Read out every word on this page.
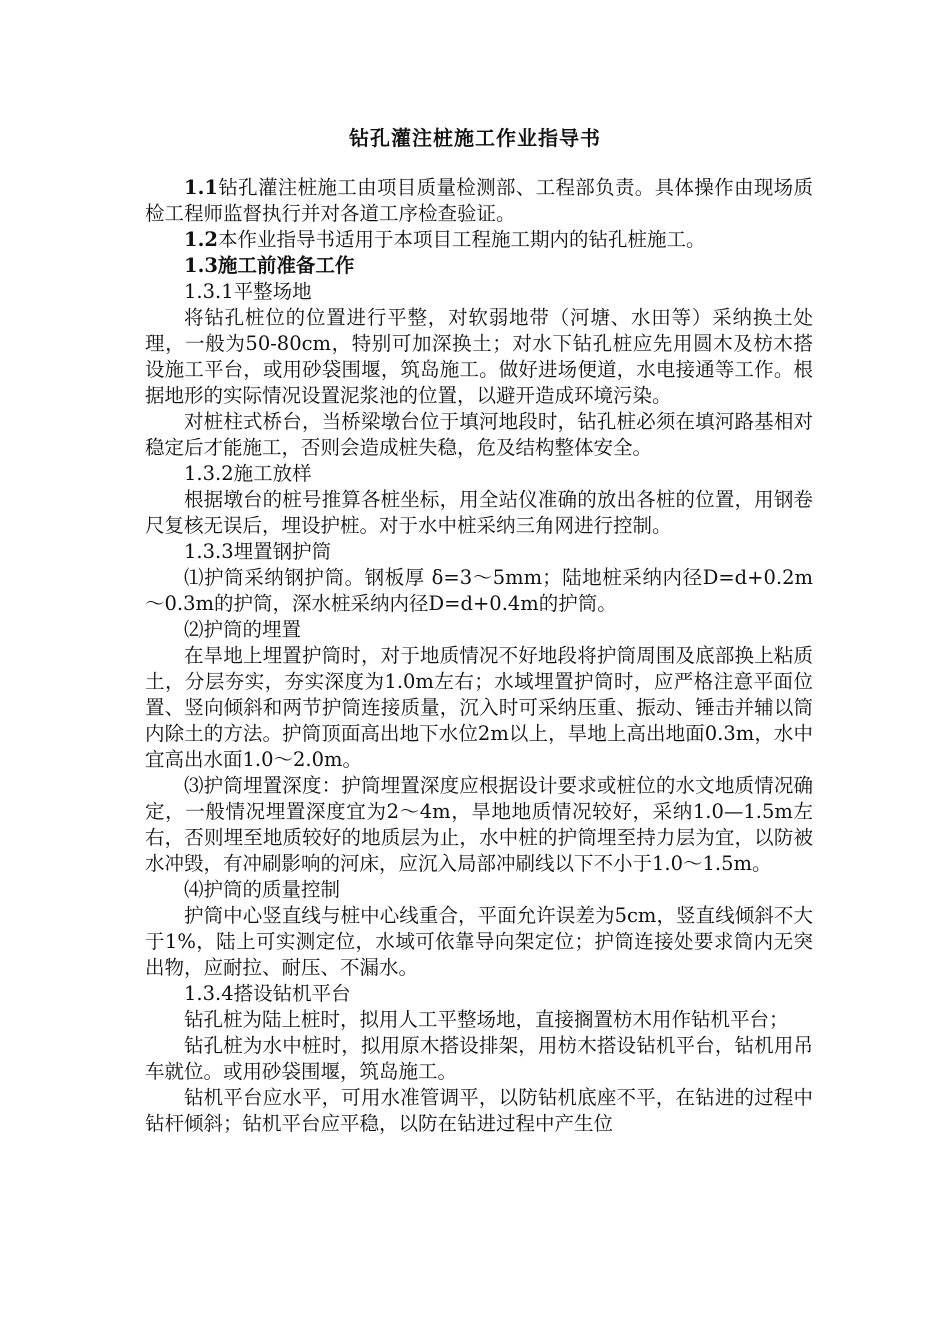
钻孔灌注桩施工作业指导书

1.1钻孔灌注桩施工由项目质量检测部、工程部负责。具体操作由现场质检工程师监督执行并对各道工序检查验证。

1.2本作业指导书适用于本项目工程施工期内的钻孔桩施工。

1.3施工前准备工作

1.3.1平整场地

将钻孔桩位的位置进行平整，对软弱地带（河塘、水田等）采纳换土处理，一般为50-80cm，特别可加深换土；对水下钻孔桩应先用圆木及枋木搭设施工平台，或用砂袋围堰，筑岛施工。做好进场便道，水电接通等工作。根据地形的实际情况设置泥浆池的位置，以避开造成环境污染。

对桩柱式桥台，当桥梁墩台位于填河地段时，钻孔桩必须在填河路基相对稳定后才能施工，否则会造成桩失稳，危及结构整体安全。

1.3.2施工放样

根据墩台的桩号推算各桩坐标，用全站仪准确的放出各桩的位置，用钢卷尺复核无误后，埋设护桩。对于水中桩采纳三角网进行控制。

1.3.3埋置钢护筒

⑴护筒采纳钢护筒。钢板厚 δ=3～5mm；陆地桩采纳内径D=d+0.2m～0.3m的护筒，深水桩采纳内径D=d+0.4m的护筒。

⑵护筒的埋置

在旱地上埋置护筒时，对于地质情况不好地段将护筒周围及底部换上粘质土，分层夯实，夯实深度为1.0m左右；水域埋置护筒时，应严格注意平面位置、竖向倾斜和两节护筒连接质量，沉入时可采纳压重、振动、锤击并辅以筒内除土的方法。护筒顶面高出地下水位2m以上，旱地上高出地面0.3m，水中宜高出水面1.0～2.0m。

⑶护筒埋置深度：护筒埋置深度应根据设计要求或桩位的水文地质情况确定，一般情况埋置深度宜为2～4m，旱地地质情况较好，采纳1.0—1.5m左右，否则埋至地质较好的地质层为止，水中桩的护筒埋至持力层为宜，以防被水冲毁，有冲刷影响的河床，应沉入局部冲刷线以下不小于1.0～1.5m。

⑷护筒的质量控制

护筒中心竖直线与桩中心线重合，平面允许误差为5cm，竖直线倾斜不大于1%，陆上可实测定位，水域可依靠导向架定位；护筒连接处要求筒内无突出物，应耐拉、耐压、不漏水。

1.3.4搭设钻机平台

钻孔桩为陆上桩时，拟用人工平整场地，直接搁置枋木用作钻机平台；

钻孔桩为水中桩时，拟用原木搭设排架，用枋木搭设钻机平台，钻机用吊车就位。或用砂袋围堰，筑岛施工。

钻机平台应水平，可用水准管调平，以防钻机底座不平，在钻进的过程中钻杆倾斜；钻机平台应平稳，以防在钻进过程中产生位
